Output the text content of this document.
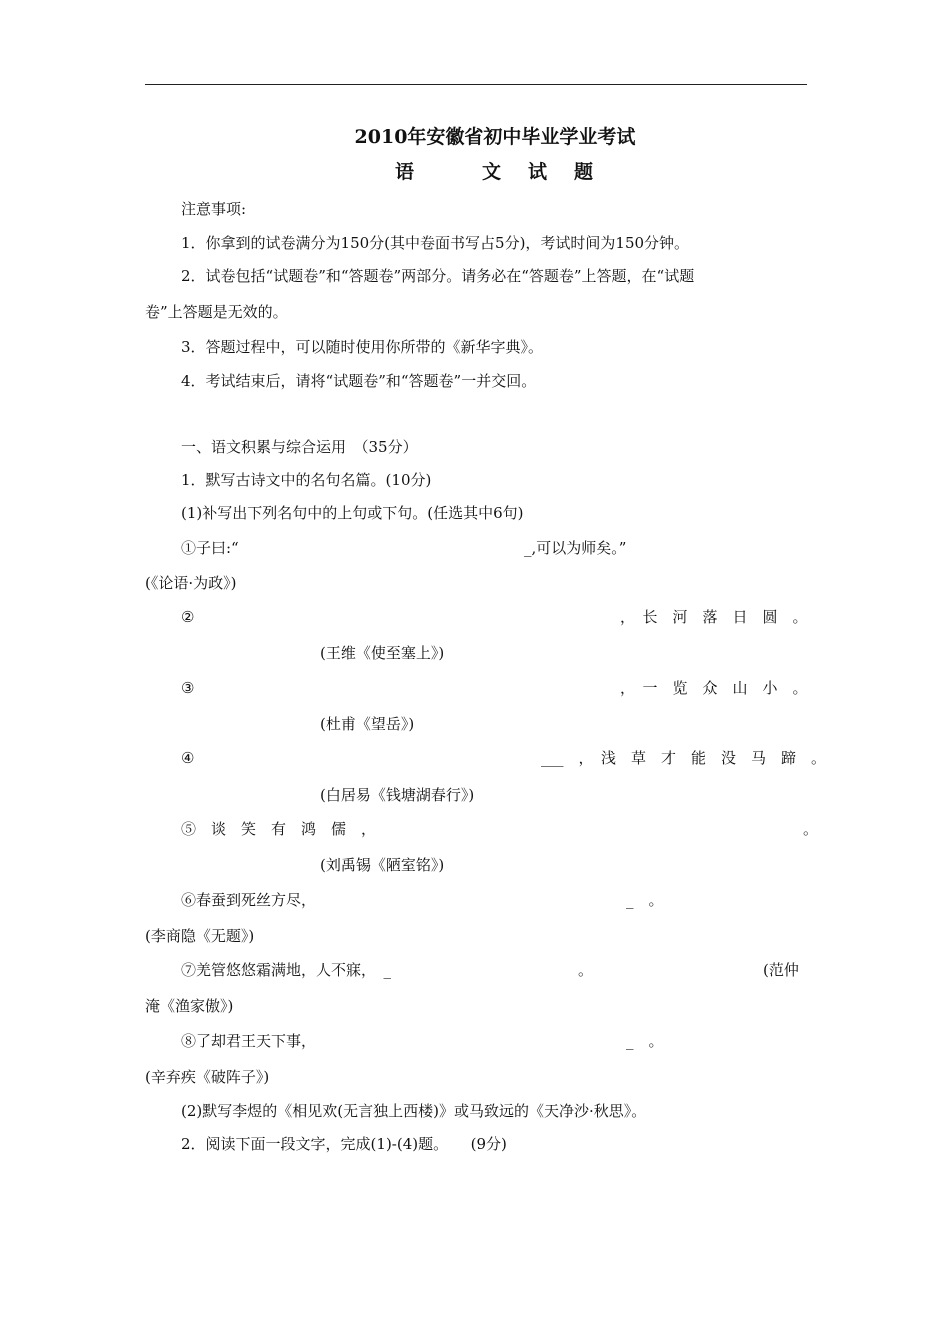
2010年安徽省初中毕业学业考试
语	文 试 题
注意事项:
1．你拿到的试卷满分为150分(其中卷面书写占5分)，考试时间为150分钟。
2．试卷包括“试题卷”和“答题卷”两部分。请务必在“答题卷”上答题，在“试题
卷”上答题是无效的。
3．答题过程中，可以随时使用你所带的《新华字典》。
4．考试结束后，请将“试题卷”和“答题卷”一并交回。
一、语文积累与综合运用　（35分）
1．默写古诗文中的名句名篇。(10分)
(1)补写出下列名句中的上句或下句。(任选其中6句)
①子曰:“	_,可以为师矣。”
(《论语·为政》)
②	，　长　河　落　日　圆　。
(王维《使至塞上》)
③	，　一　览　众　山　小　。
(杜甫《望岳》)
④	___　，　浅　草　才　能　没　马　蹄　。
(白居易《钱塘湖春行》)
⑤　谈　笑　有　鸿　儒　，	。
(刘禹锡《陋室铭》)
⑥春蚕到死丝方尽，	_　。
(李商隐《无题》)
⑦羌管悠悠霜满地，人不寐，　_	。	(范仲
淹《渔家傲》)
⑧了却君王天下事，	_　。
(辛弃疾《破阵子》)
(2)默写李煜的《相见欢(无言独上西楼)》或马致远的《天净沙·秋思》。
2．阅读下面一段文字，完成(1)-(4)题。　　(9分)
